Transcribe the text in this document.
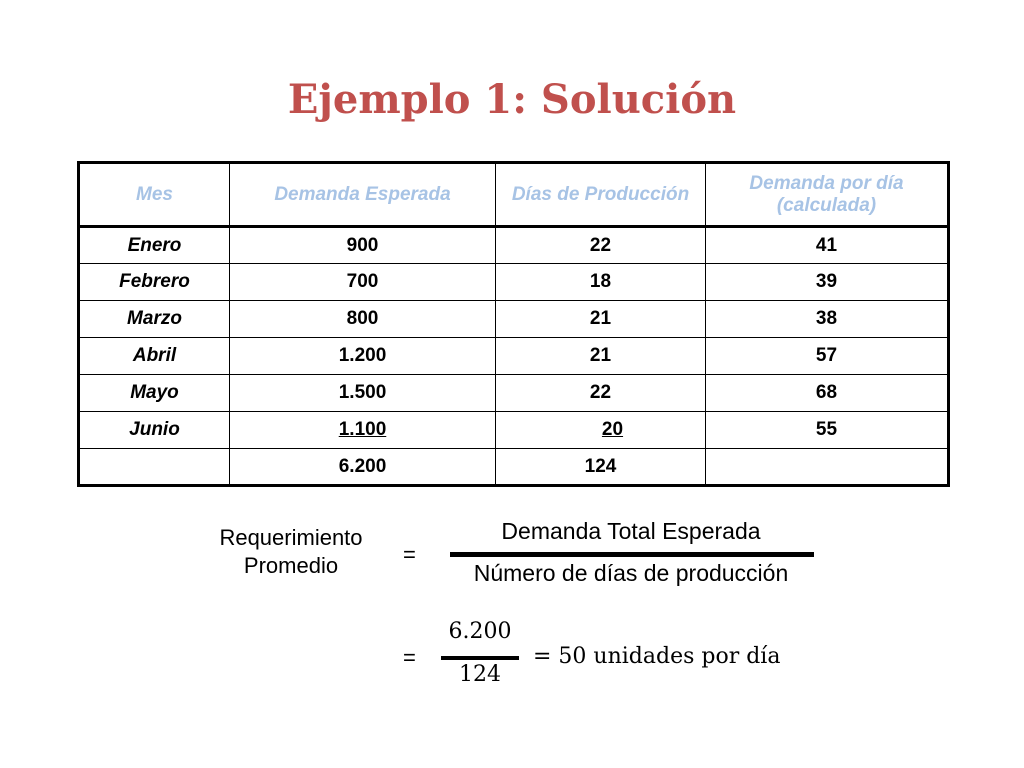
Ejemplo 1: Solución
Mes	Demanda Esperada	Días de Producción	Demanda por día (calculada)
Enero	900	22	41
Febrero	700	18	39
Marzo	800	21	38
Abril	1.200	21	57
Mayo	1.500	22	68
Junio	1.100	20	55
	6.200	124	
Requerimiento
Promedio	=
Demanda Total Esperada
Número de días de producción
=
6.200
124
= 50 unidades por día
